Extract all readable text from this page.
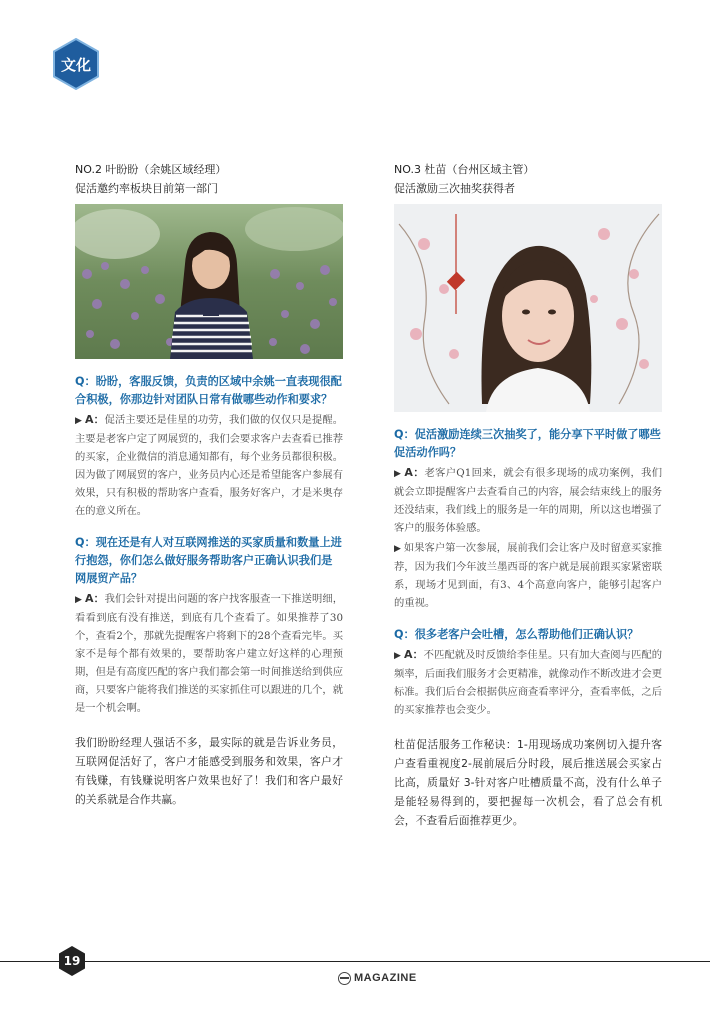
文化
NO.2 叶盼盼（余姚区域经理）
促活邀约率板块目前第一部门
Q：盼盼，客服反馈，负责的区域中余姚一直表现很配合积极，你那边针对团队日常有做哪些动作和要求？
▶ A：促活主要还是佳星的功劳，我们做的仅仅只是提醒。主要是老客户定了网展贸的，我们会要求客户去查看已推荐的买家，企业微信的消息通知都有，每个业务员都很积极。因为做了网展贸的客户，业务员内心还是希望能客户参展有效果，只有积极的帮助客户查看，服务好客户，才是米奥存在的意义所在。
Q：现在还是有人对互联网推送的买家质量和数量上进行抱怨，你们怎么做好服务帮助客户正确认识我们是网展贸产品？
▶ A：我们会针对提出问题的客户找客服查一下推送明细，看看到底有没有推送，到底有几个查看了。如果推荐了30个，查看2个，那就先提醒客户将剩下的28个查看完毕。买家不是每个都有效果的，要帮助客户建立好这样的心理预期，但是有高度匹配的客户我们都会第一时间推送给到供应商，只要客户能将我们推送的买家抓住可以跟进的几个，就是一个机会啊。
我们盼盼经理人强话不多，最实际的就是告诉业务员，互联网促活好了，客户才能感受到服务和效果，客户才有钱赚，有钱赚说明客户效果也好了！我们和客户最好的关系就是合作共赢。
NO.3 杜苗（台州区域主管）
促活激励三次抽奖获得者
Q：促活激励连续三次抽奖了，能分享下平时做了哪些促活动作吗？
▶ A：老客户Q1回来，就会有很多现场的成功案例，我们就会立即提醒客户去查看自己的内容，展会结束线上的服务还没结束，我们线上的服务是一年的周期，所以这也增强了客户的服务体验感。
▶ 如果客户第一次参展，展前我们会让客户及时留意买家推荐，因为我们今年波兰墨西哥的客户就是展前跟买家紧密联系，现场才见到面，有3、4个高意向客户，能够引起客户的重视。
Q：很多老客户会吐槽，怎么帮助他们正确认识？
▶ A：不匹配就及时反馈给李佳星。只有加大查阅与匹配的频率，后面我们服务才会更精准，就像动作不断改进才会更标准。我们后台会根据供应商查看率评分，查看率低，之后的买家推荐也会变少。
杜苗促活服务工作秘诀：1-用现场成功案例切入提升客户查看重视度2-展前展后分时段，展后推送展会买家占比高，质量好 3-针对客户吐槽质量不高，没有什么单子是能轻易得到的，要把握每一次机会，看了总会有机会，不查看后面推荐更少。
19
MAGAZINE
